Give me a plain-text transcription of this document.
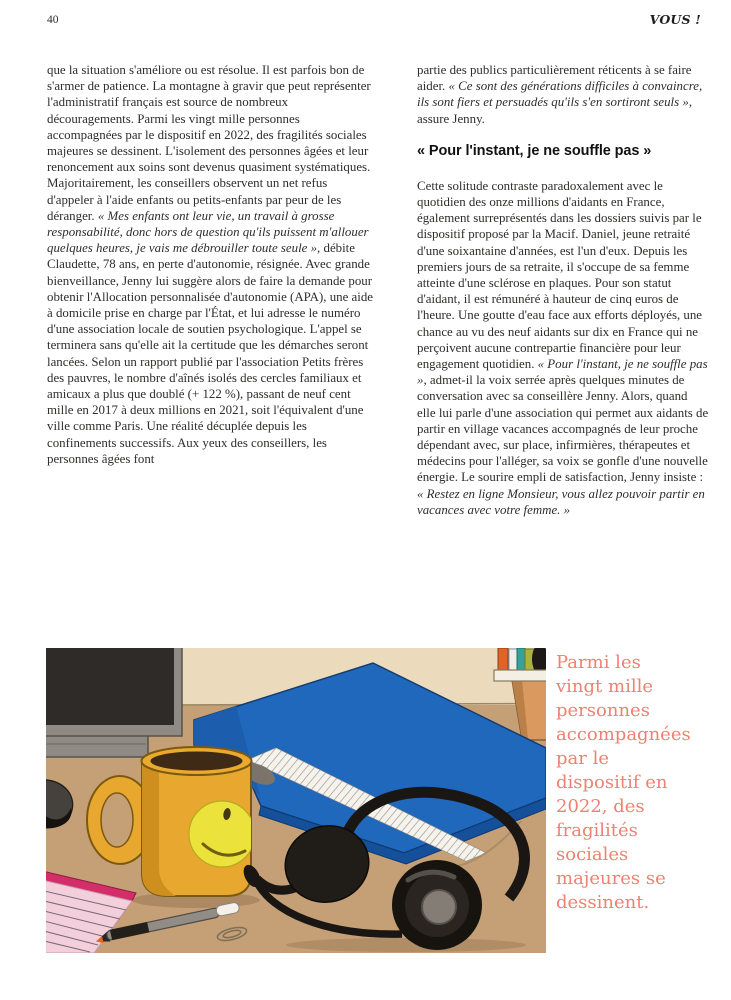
40	VOUS !

que la situation s'améliore ou est résolue. Il est parfois bon de s'armer de patience. La montagne à gravir que peut représenter l'administratif français est source de nombreux découragements. Parmi les vingt mille personnes accompagnées par le dispositif en 2022, des fragilités sociales majeures se dessinent. L'isolement des personnes âgées et leur renoncement aux soins sont devenus quasiment systématiques. Majoritairement, les conseillers observent un net refus d'appeler à l'aide enfants ou petits-enfants par peur de les déranger. « Mes enfants ont leur vie, un travail à grosse responsabilité, donc hors de question qu'ils puissent m'allouer quelques heures, je vais me débrouiller toute seule », débite Claudette, 78 ans, en perte d'autonomie, résignée. Avec grande bienveillance, Jenny lui suggère alors de faire la demande pour obtenir l'Allocation personnalisée d'autonomie (APA), une aide à domicile prise en charge par l'État, et lui adresse le numéro d'une association locale de soutien psychologique. L'appel se terminera sans qu'elle ait la certitude que les démarches seront lancées. Selon un rapport publié par l'association Petits frères des pauvres, le nombre d'aînés isolés des cercles familiaux et amicaux a plus que doublé (+ 122 %), passant de neuf cent mille en 2017 à deux millions en 2021, soit l'équivalent d'une ville comme Paris. Une réalité décuplée depuis les confinements successifs. Aux yeux des conseillers, les personnes âgées font

partie des publics particulièrement réticents à se faire aider. « Ce sont des générations difficiles à convaincre, ils sont fiers et persuadés qu'ils s'en sortiront seuls », assure Jenny.

« Pour l'instant, je ne souffle pas »

Cette solitude contraste paradoxalement avec le quotidien des onze millions d'aidants en France, également surreprésentés dans les dossiers suivis par le dispositif proposé par la Macif. Daniel, jeune retraité d'une soixantaine d'années, est l'un d'eux. Depuis les premiers jours de sa retraite, il s'occupe de sa femme atteinte d'une sclérose en plaques. Pour son statut d'aidant, il est rémunéré à hauteur de cinq euros de l'heure. Une goutte d'eau face aux efforts déployés, une chance au vu des neuf aidants sur dix en France qui ne perçoivent aucune contrepartie financière pour leur engagement quotidien. « Pour l'instant, je ne souffle pas », admet-il la voix serrée après quelques minutes de conversation avec sa conseillère Jenny. Alors, quand elle lui parle d'une association qui permet aux aidants de partir en village vacances accompagnés de leur proche dépendant avec, sur place, infirmières, thérapeutes et médecins pour l'alléger, sa voix se gonfle d'une nouvelle énergie. Le sourire empli de satisfaction, Jenny insiste : « Restez en ligne Monsieur, vous allez pouvoir partir en vacances avec votre femme. »

Parmi les vingt mille personnes accompagnées par le dispositif en 2022, des fragilités sociales majeures se dessinent.
